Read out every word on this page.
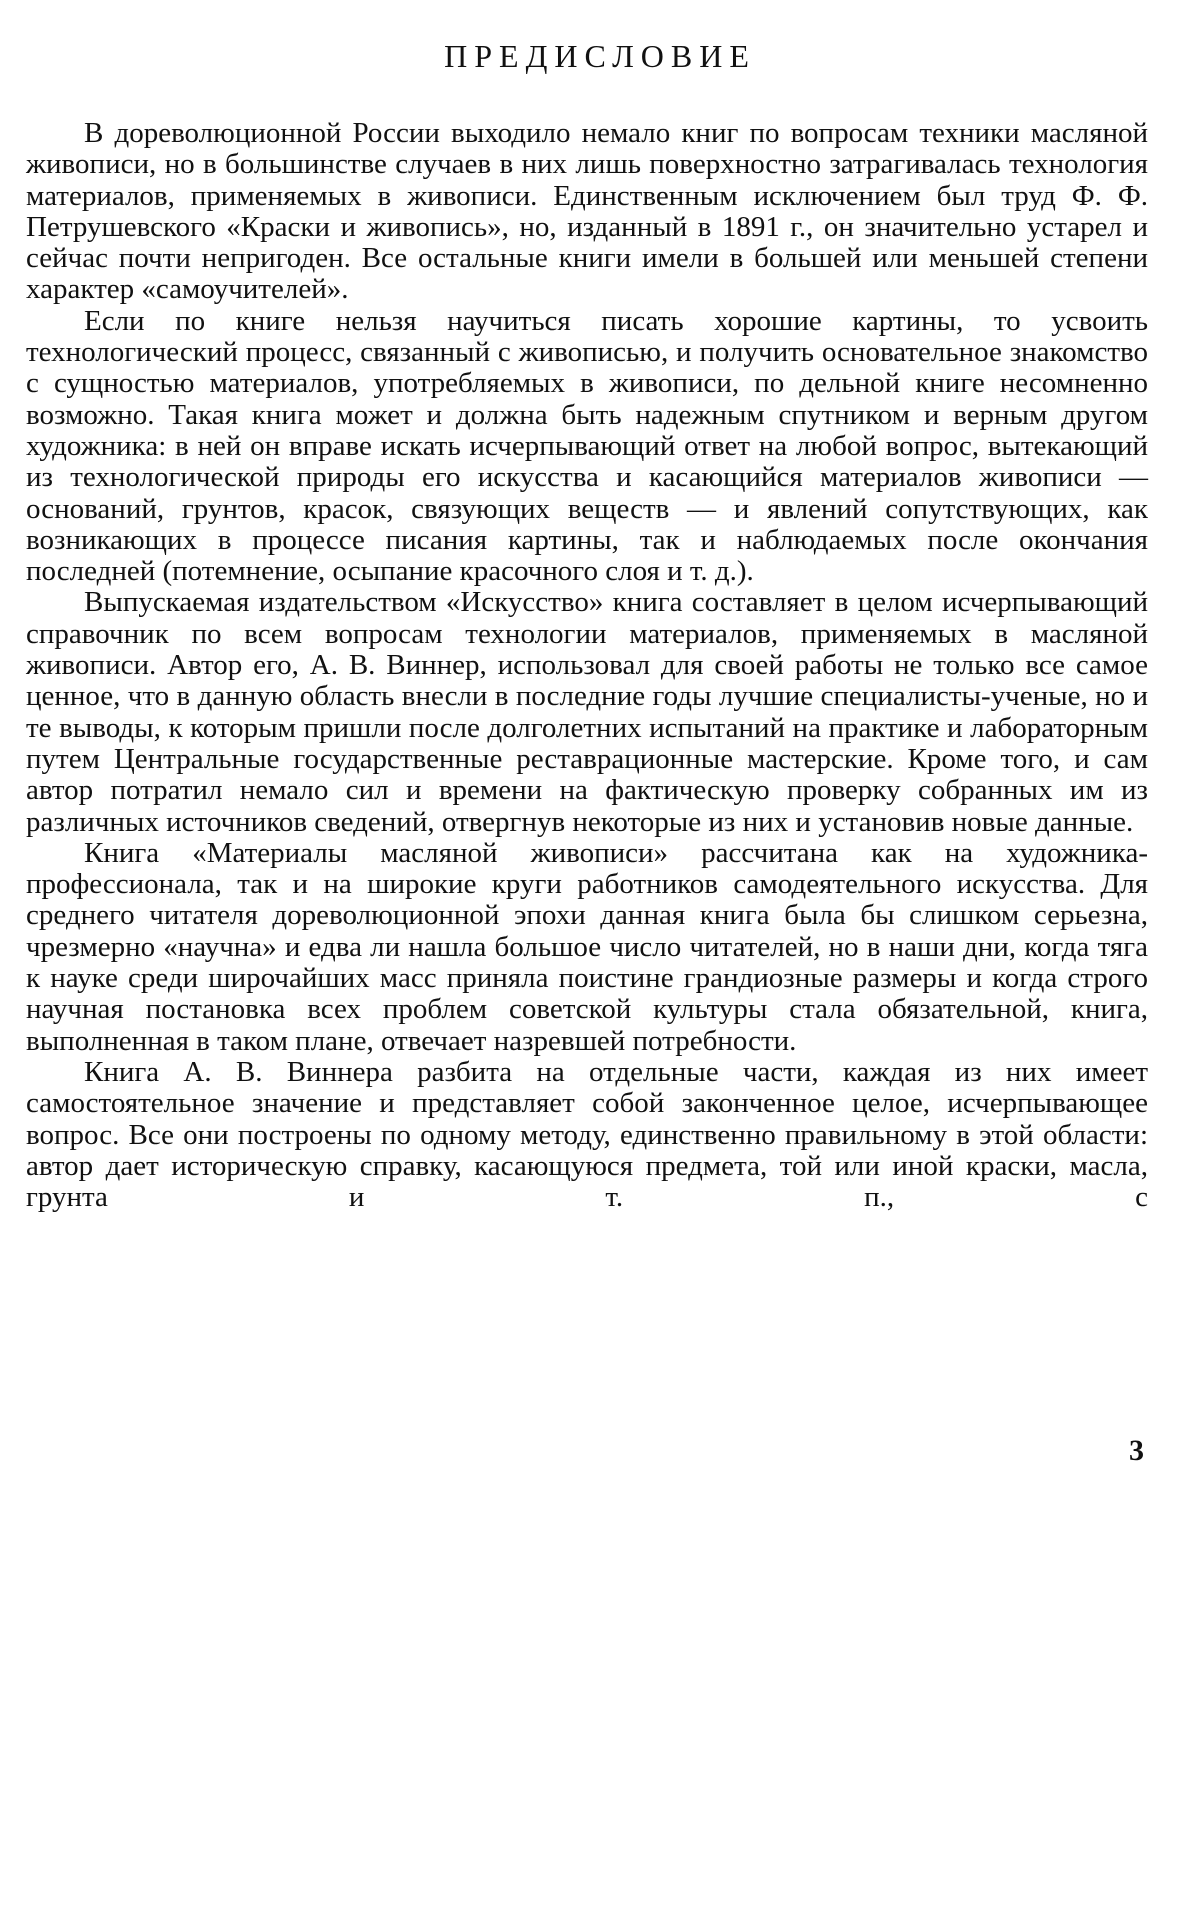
ПРЕДИСЛОВИЕ

В дореволюционной России выходило немало книг по вопросам техники масляной живописи, но в большинстве случаев в них лишь поверхностно затрагивалась технология материалов, применяемых в живописи. Единственным исключением был труд Ф. Ф. Петрушевского «Краски и живопись», но, изданный в 1891 г., он значительно устарел и сейчас почти непригоден. Все остальные книги имели в большей или меньшей степени характер «самоучителей».

Если по книге нельзя научиться писать хорошие картины, то усвоить технологический процесс, связанный с живописью, и получить основательное знакомство с сущностью материалов, употребляемых в живописи, по дельной книге несомненно возможно. Такая книга может и должна быть надежным спутником и верным другом художника: в ней он вправе искать исчерпывающий ответ на любой вопрос, вытекающий из технологической природы его искусства и касающийся материалов живописи — оснований, грунтов, красок, связующих веществ — и явлений сопутствующих, как возникающих в процессе писания картины, так и наблюдаемых после окончания последней (потемнение, осыпание красочного слоя и т. д.).

Выпускаемая издательством «Искусство» книга составляет в целом исчерпывающий справочник по всем вопросам технологии материалов, применяемых в масляной живописи. Автор его, А. В. Виннер, использовал для своей работы не только все самое ценное, что в данную область внесли в последние годы лучшие специалисты-ученые, но и те выводы, к которым пришли после долголетних испытаний на практике и лабораторным путем Центральные государственные реставрационные мастерские. Кроме того, и сам автор потратил немало сил и времени на фактическую проверку собранных им из различных источников сведений, отвергнув некоторые из них и установив новые данные.

Книга «Материалы масляной живописи» рассчитана как на художника-профессионала, так и на широкие круги работников самодеятельного искусства. Для среднего читателя дореволюционной эпохи данная книга была бы слишком серьезна, чрезмерно «научна» и едва ли нашла большое число читателей, но в наши дни, когда тяга к науке среди широчайших масс приняла поистине грандиозные размеры и когда строго научная постановка всех проблем советской культуры стала обязательной, книга, выполненная в таком плане, отвечает назревшей потребности.

Книга А. В. Виннера разбита на отдельные части, каждая из них имеет самостоятельное значение и представляет собой законченное целое, исчерпывающее вопрос. Все они построены по одному методу, единственно правильному в этой области: автор дает историческую справку, касающуюся предмета, той или иной краски, масла, грунта и т. п., с

3
